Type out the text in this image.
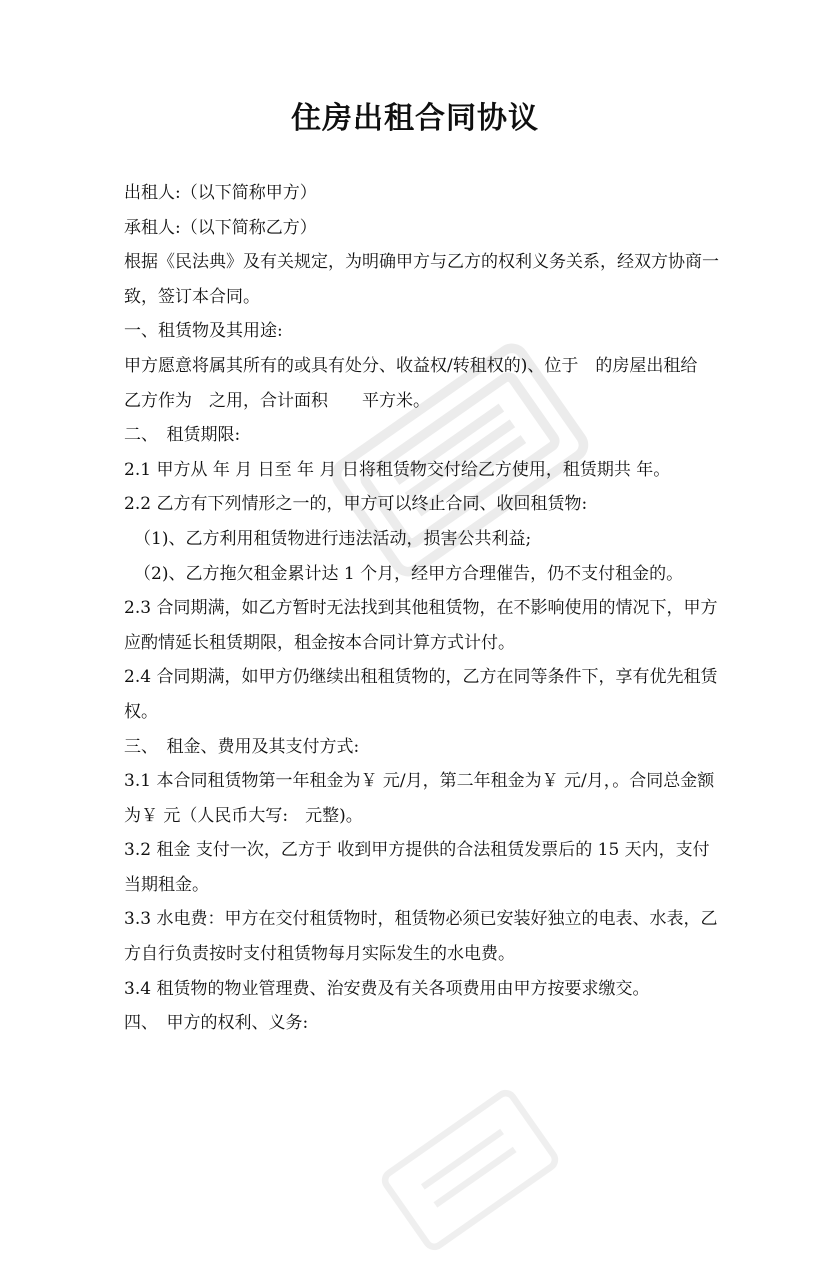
住房出租合同协议
出租人:（以下简称甲方）
承租人:（以下简称乙方）
根据《民法典》及有关规定，为明确甲方与乙方的权利义务关系，经双方协商一
致，签订本合同。
一、租赁物及其用途:
甲方愿意将属其所有的或具有处分、收益权/转租权的)、位于　的房屋出租给
乙方作为　之用，合计面积　　平方米。
二、　租赁期限:
2.1 甲方从 年 月 日至 年 月 日将租赁物交付给乙方使用，租赁期共 年。
2.2 乙方有下列情形之一的，甲方可以终止合同、收回租赁物:
（1)、乙方利用租赁物进行违法活动，损害公共利益;
（2)、乙方拖欠租金累计达 1 个月，经甲方合理催告，仍不支付租金的。
2.3 合同期满，如乙方暂时无法找到其他租赁物，在不影响使用的情况下，甲方
应酌情延长租赁期限，租金按本合同计算方式计付。
2.4 合同期满，如甲方仍继续出租租赁物的，乙方在同等条件下，享有优先租赁
权。
三、　租金、费用及其支付方式:
3.1 本合同租赁物第一年租金为￥ 元/月，第二年租金为￥ 元/月，。合同总金额
为￥ 元（人民币大写:　元整)。
3.2 租金 支付一次，乙方于 收到甲方提供的合法租赁发票后的 15 天内，支付
当期租金。
3.3 水电费：甲方在交付租赁物时，租赁物必须已安装好独立的电表、水表，乙
方自行负责按时支付租赁物每月实际发生的水电费。
3.4 租赁物的物业管理费、治安费及有关各项费用由甲方按要求缴交。
四、　甲方的权利、义务:
